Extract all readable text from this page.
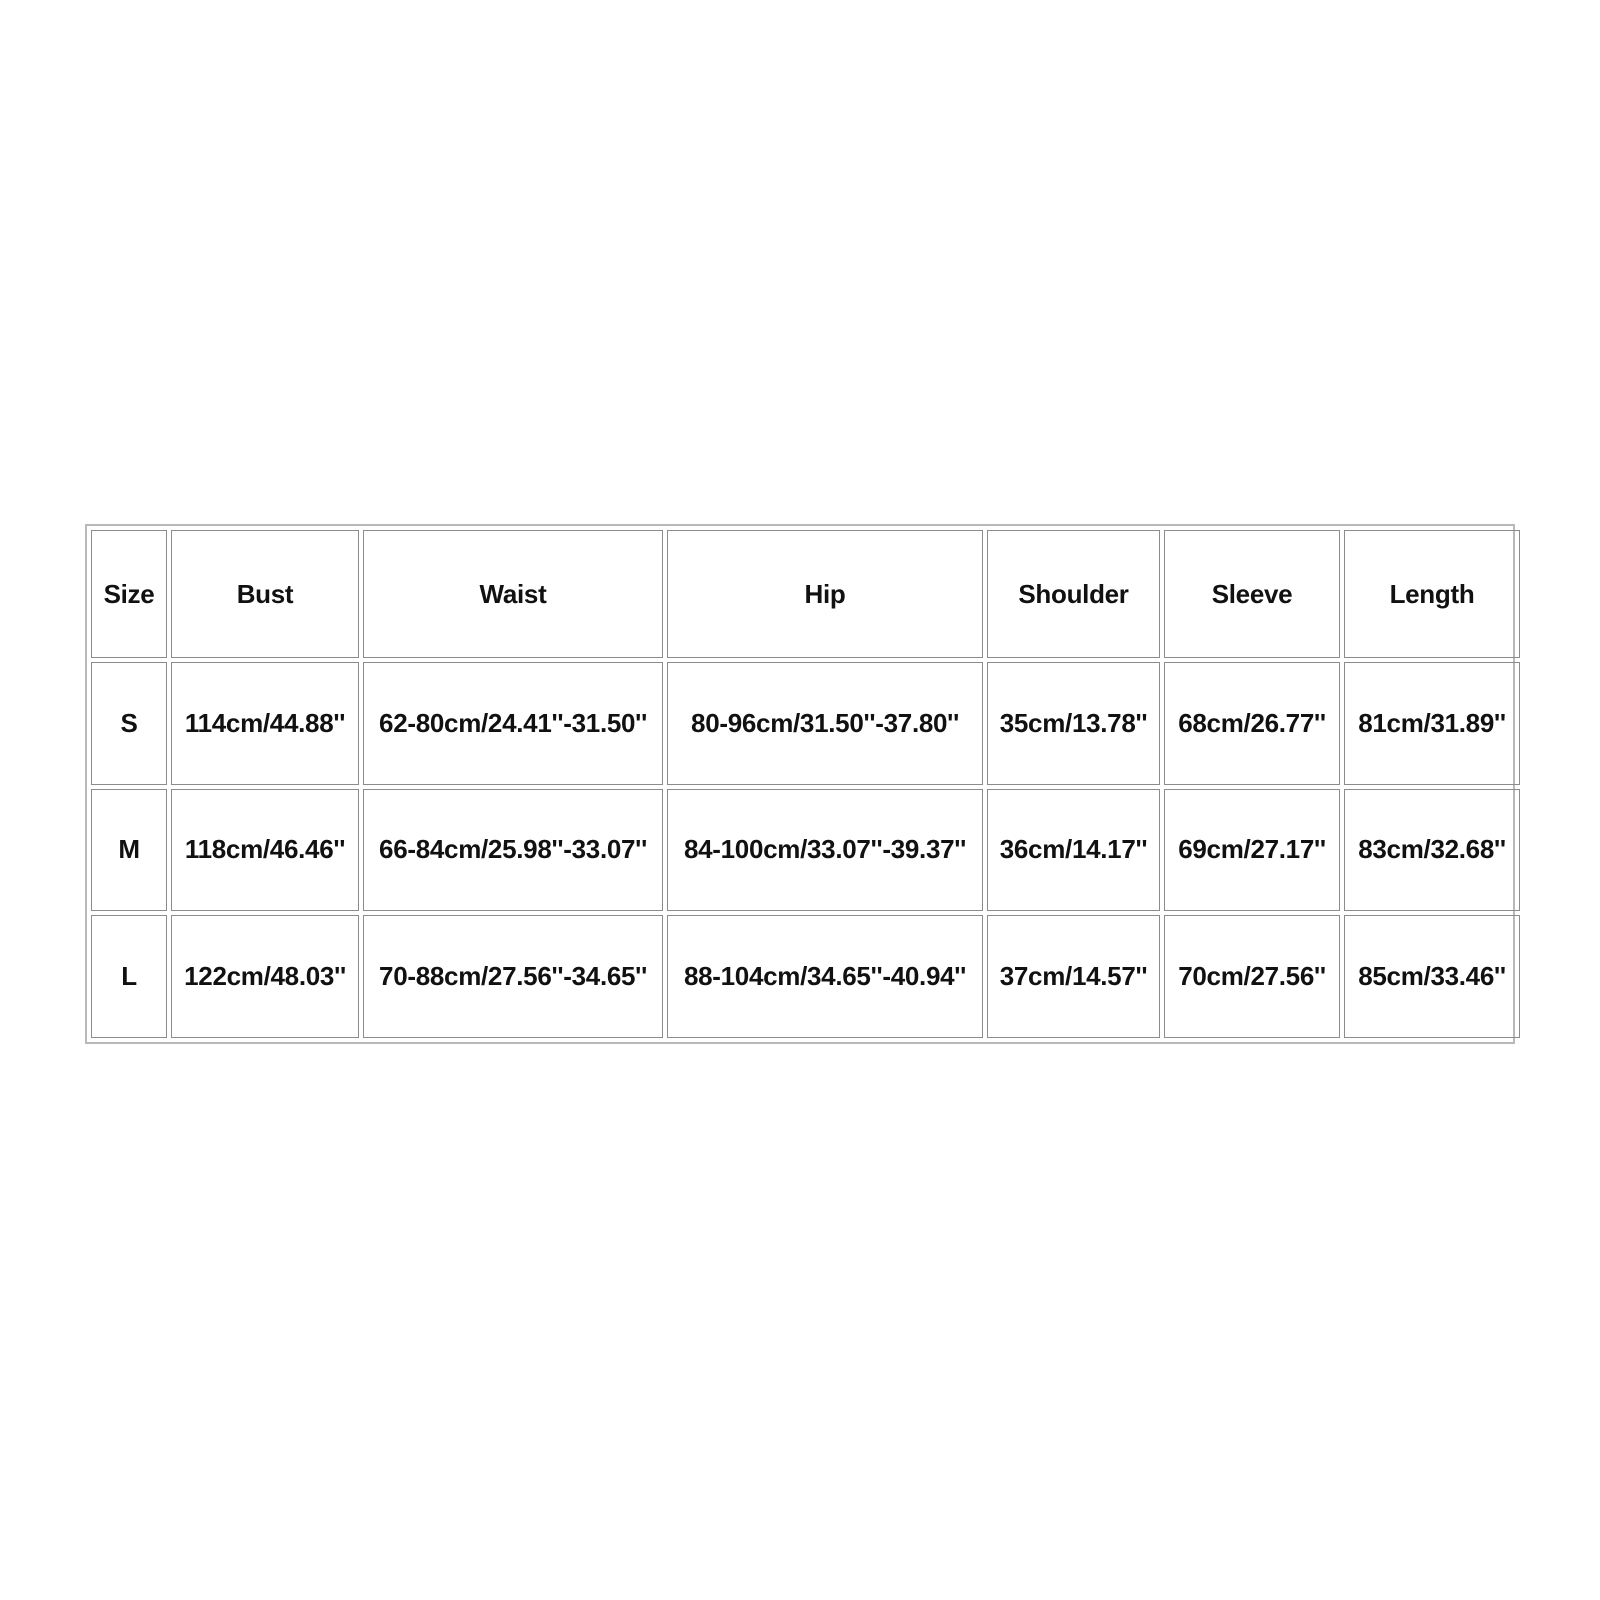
Size	Bust	Waist	Hip	Shoulder	Sleeve	Length
S	114cm/44.88''	62-80cm/24.41''-31.50''	80-96cm/31.50''-37.80''	35cm/13.78''	68cm/26.77''	81cm/31.89''
M	118cm/46.46''	66-84cm/25.98''-33.07''	84-100cm/33.07''-39.37''	36cm/14.17''	69cm/27.17''	83cm/32.68''
L	122cm/48.03''	70-88cm/27.56''-34.65''	88-104cm/34.65''-40.94''	37cm/14.57''	70cm/27.56''	85cm/33.46''
